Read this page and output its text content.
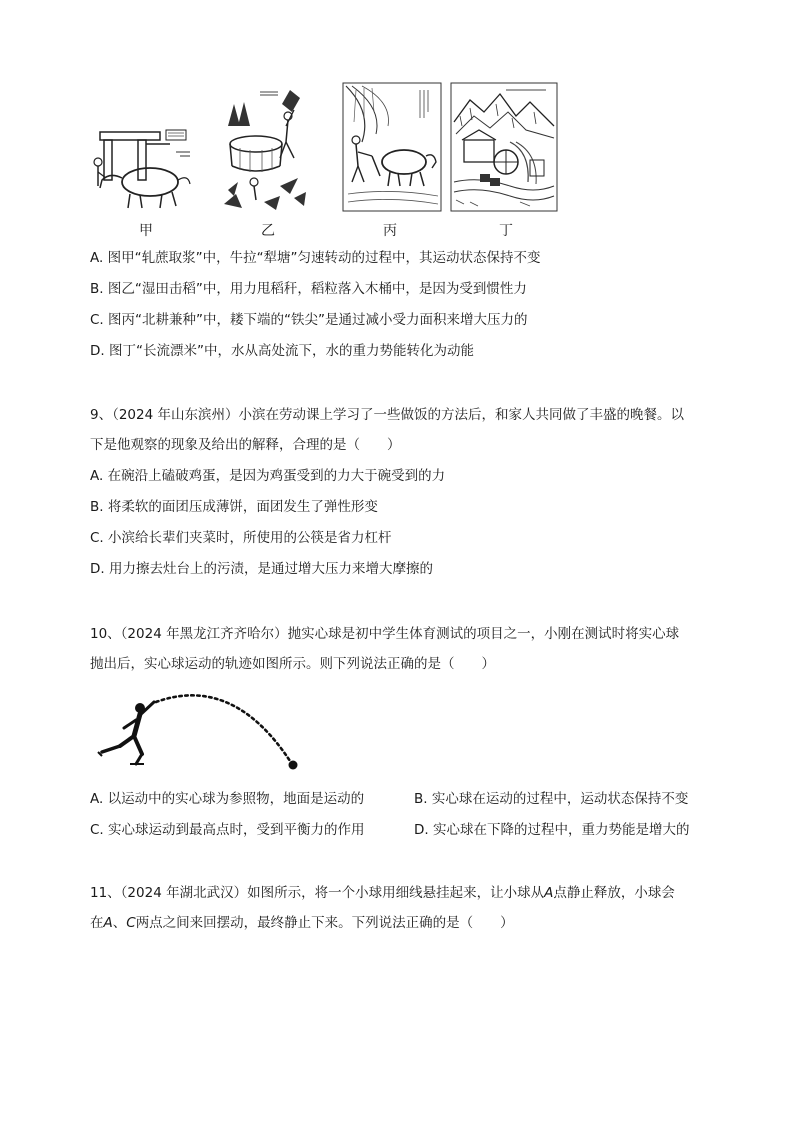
甲	乙	丙	丁
A. 图甲“轧蔗取浆”中，牛拉“犁塘”匀速转动的过程中，其运动状态保持不变
B. 图乙“湿田击稻”中，用力甩稻秆，稻粒落入木桶中，是因为受到惯性力
C. 图丙“北耕兼种”中，耧下端的“铁尖”是通过减小受力面积来增大压力的
D. 图丁“长流漂米”中，水从高处流下，水的重力势能转化为动能
9、（2024 年山东滨州）小滨在劳动课上学习了一些做饭的方法后，和家人共同做了丰盛的晚餐。以
下是他观察的现象及给出的解释，合理的是（　　）
A. 在碗沿上磕破鸡蛋，是因为鸡蛋受到的力大于碗受到的力
B. 将柔软的面团压成薄饼，面团发生了弹性形变
C. 小滨给长辈们夹菜时，所使用的公筷是省力杠杆
D. 用力擦去灶台上的污渍，是通过增大压力来增大摩擦的
10、（2024 年黑龙江齐齐哈尔）抛实心球是初中学生体育测试的项目之一，小刚在测试时将实心球
抛出后，实心球运动的轨迹如图所示。则下列说法正确的是（　　）
A. 以运动中的实心球为参照物，地面是运动的	B. 实心球在运动的过程中，运动状态保持不变
C. 实心球运动到最高点时，受到平衡力的作用	D. 实心球在下降的过程中，重力势能是增大的
11、（2024 年湖北武汉）如图所示，将一个小球用细线悬挂起来，让小球从A点静止释放，小球会
在A、C两点之间来回摆动，最终静止下来。下列说法正确的是（　　）
